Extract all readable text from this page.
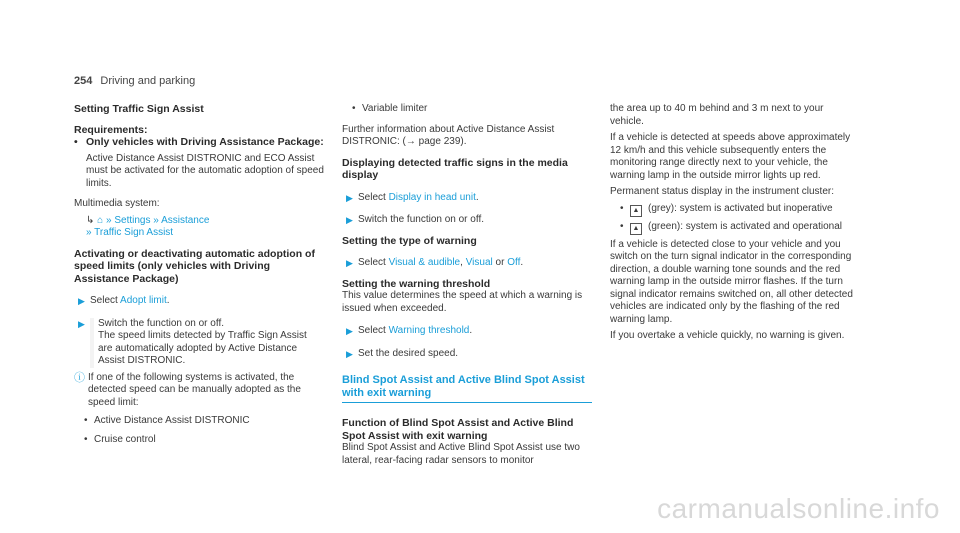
254 Driving and parking

Setting Traffic Sign Assist

Requirements:

• Only vehicles with Driving Assistance Package:
Active Distance Assist DISTRONIC and ECO Assist must be activated for the automatic adoption of speed limits.
Multimedia system:
↳ ⌂ » Settings » Assistance
» Traffic Sign Assist

Activating or deactivating automatic adoption of speed limits (only vehicles with Driving Assistance Package)

▶ Select Adopt limit.
▶	Switch the function on or off.
The speed limits detected by Traffic Sign Assist are automatically adopted by Active Distance Assist DISTRONIC.
ⓘ If one of the following systems is activated, the detected speed can be manually adopted as the speed limit:
• Active Distance Assist DISTRONIC
• Cruise control
• Variable limiter
Further information about Active Distance Assist DISTRONIC: (→ page 239).

Displaying detected traffic signs in the media display

▶ Select Display in head unit.
▶ Switch the function on or off.

Setting the type of warning

▶ Select Visual & audible, Visual or Off.

Setting the warning threshold

This value determines the speed at which a warning is issued when exceeded.
▶ Select Warning threshold.
▶ Set the desired speed.
Blind Spot Assist and Active Blind Spot Assist with exit warning

Function of Blind Spot Assist and Active Blind Spot Assist with exit warning

Blind Spot Assist and Active Blind Spot Assist use two lateral, rear-facing radar sensors to monitor
the area up to 40 m behind and 3 m next to your vehicle.
If a vehicle is detected at speeds above approximately 12 km/h and this vehicle subsequently enters the monitoring range directly next to your vehicle, the warning lamp in the outside mirror lights up red.
Permanent status display in the instrument cluster:
•	▲ (grey): system is activated but inoperative
•	▲ (green): system is activated and operational
If a vehicle is detected close to your vehicle and you switch on the turn signal indicator in the corresponding direction, a double warning tone sounds and the red warning lamp in the outside mirror flashes. If the turn signal indicator remains switched on, all other detected vehicles are indicated only by the flashing of the red warning lamp.
If you overtake a vehicle quickly, no warning is given.
carmanualsonline.info
